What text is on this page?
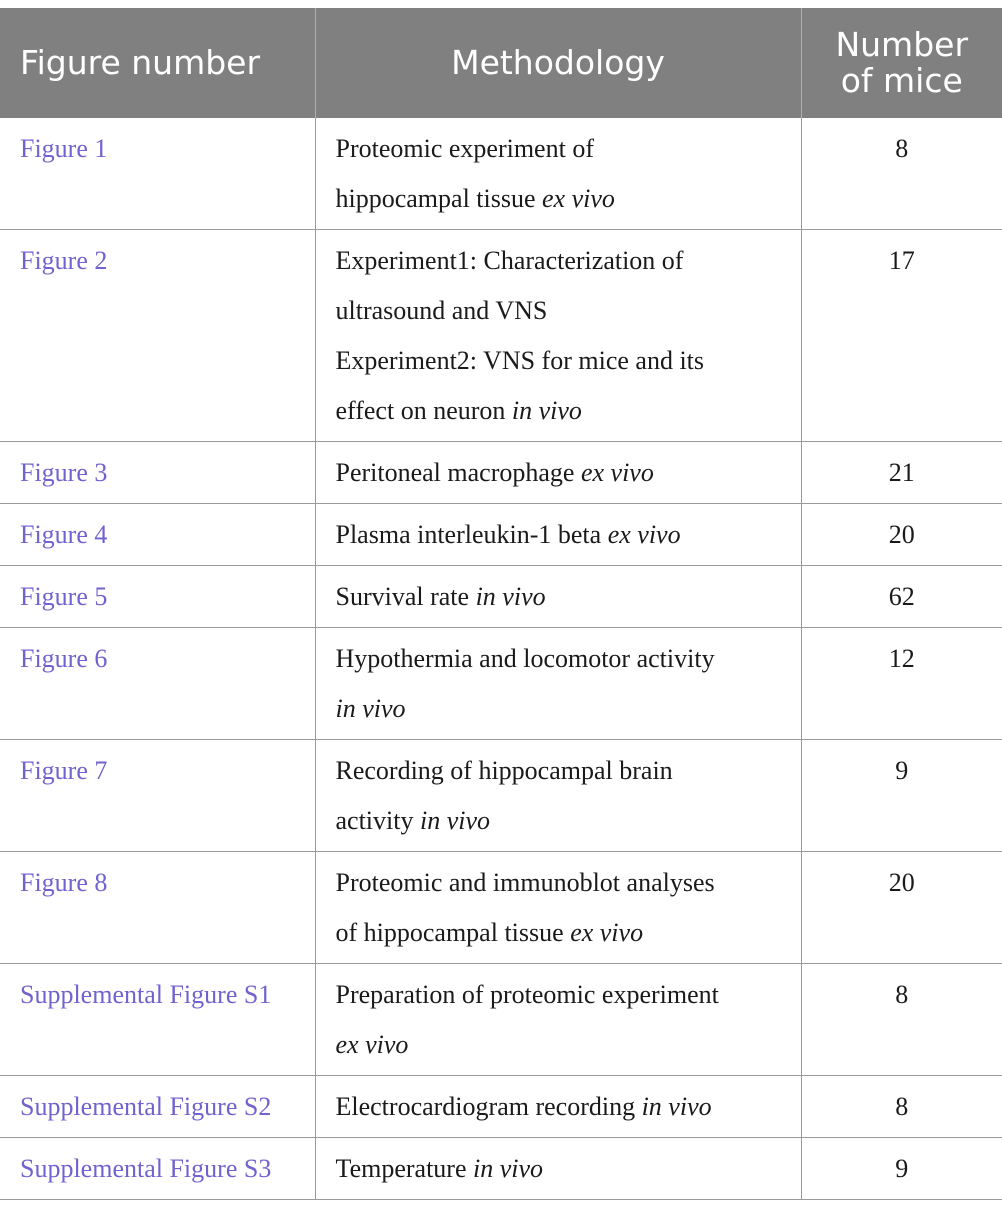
Figure number	Methodology	Number
of mice

Figure 1	Proteomic experiment of
hippocampal tissue ex vivo	8
Figure 2	Experiment1: Characterization of
ultrasound and VNS
Experiment2: VNS for mice and its
effect on neuron in vivo	17
Figure 3	Peritoneal macrophage ex vivo	21
Figure 4	Plasma interleukin-1 beta ex vivo	20
Figure 5	Survival rate in vivo	62
Figure 6	Hypothermia and locomotor activity
in vivo	12
Figure 7	Recording of hippocampal brain
activity in vivo	9
Figure 8	Proteomic and immunoblot analyses
of hippocampal tissue ex vivo	20
Supplemental Figure S1	Preparation of proteomic experiment
ex vivo	8
Supplemental Figure S2	Electrocardiogram recording in vivo	8
Supplemental Figure S3	Temperature in vivo	9
